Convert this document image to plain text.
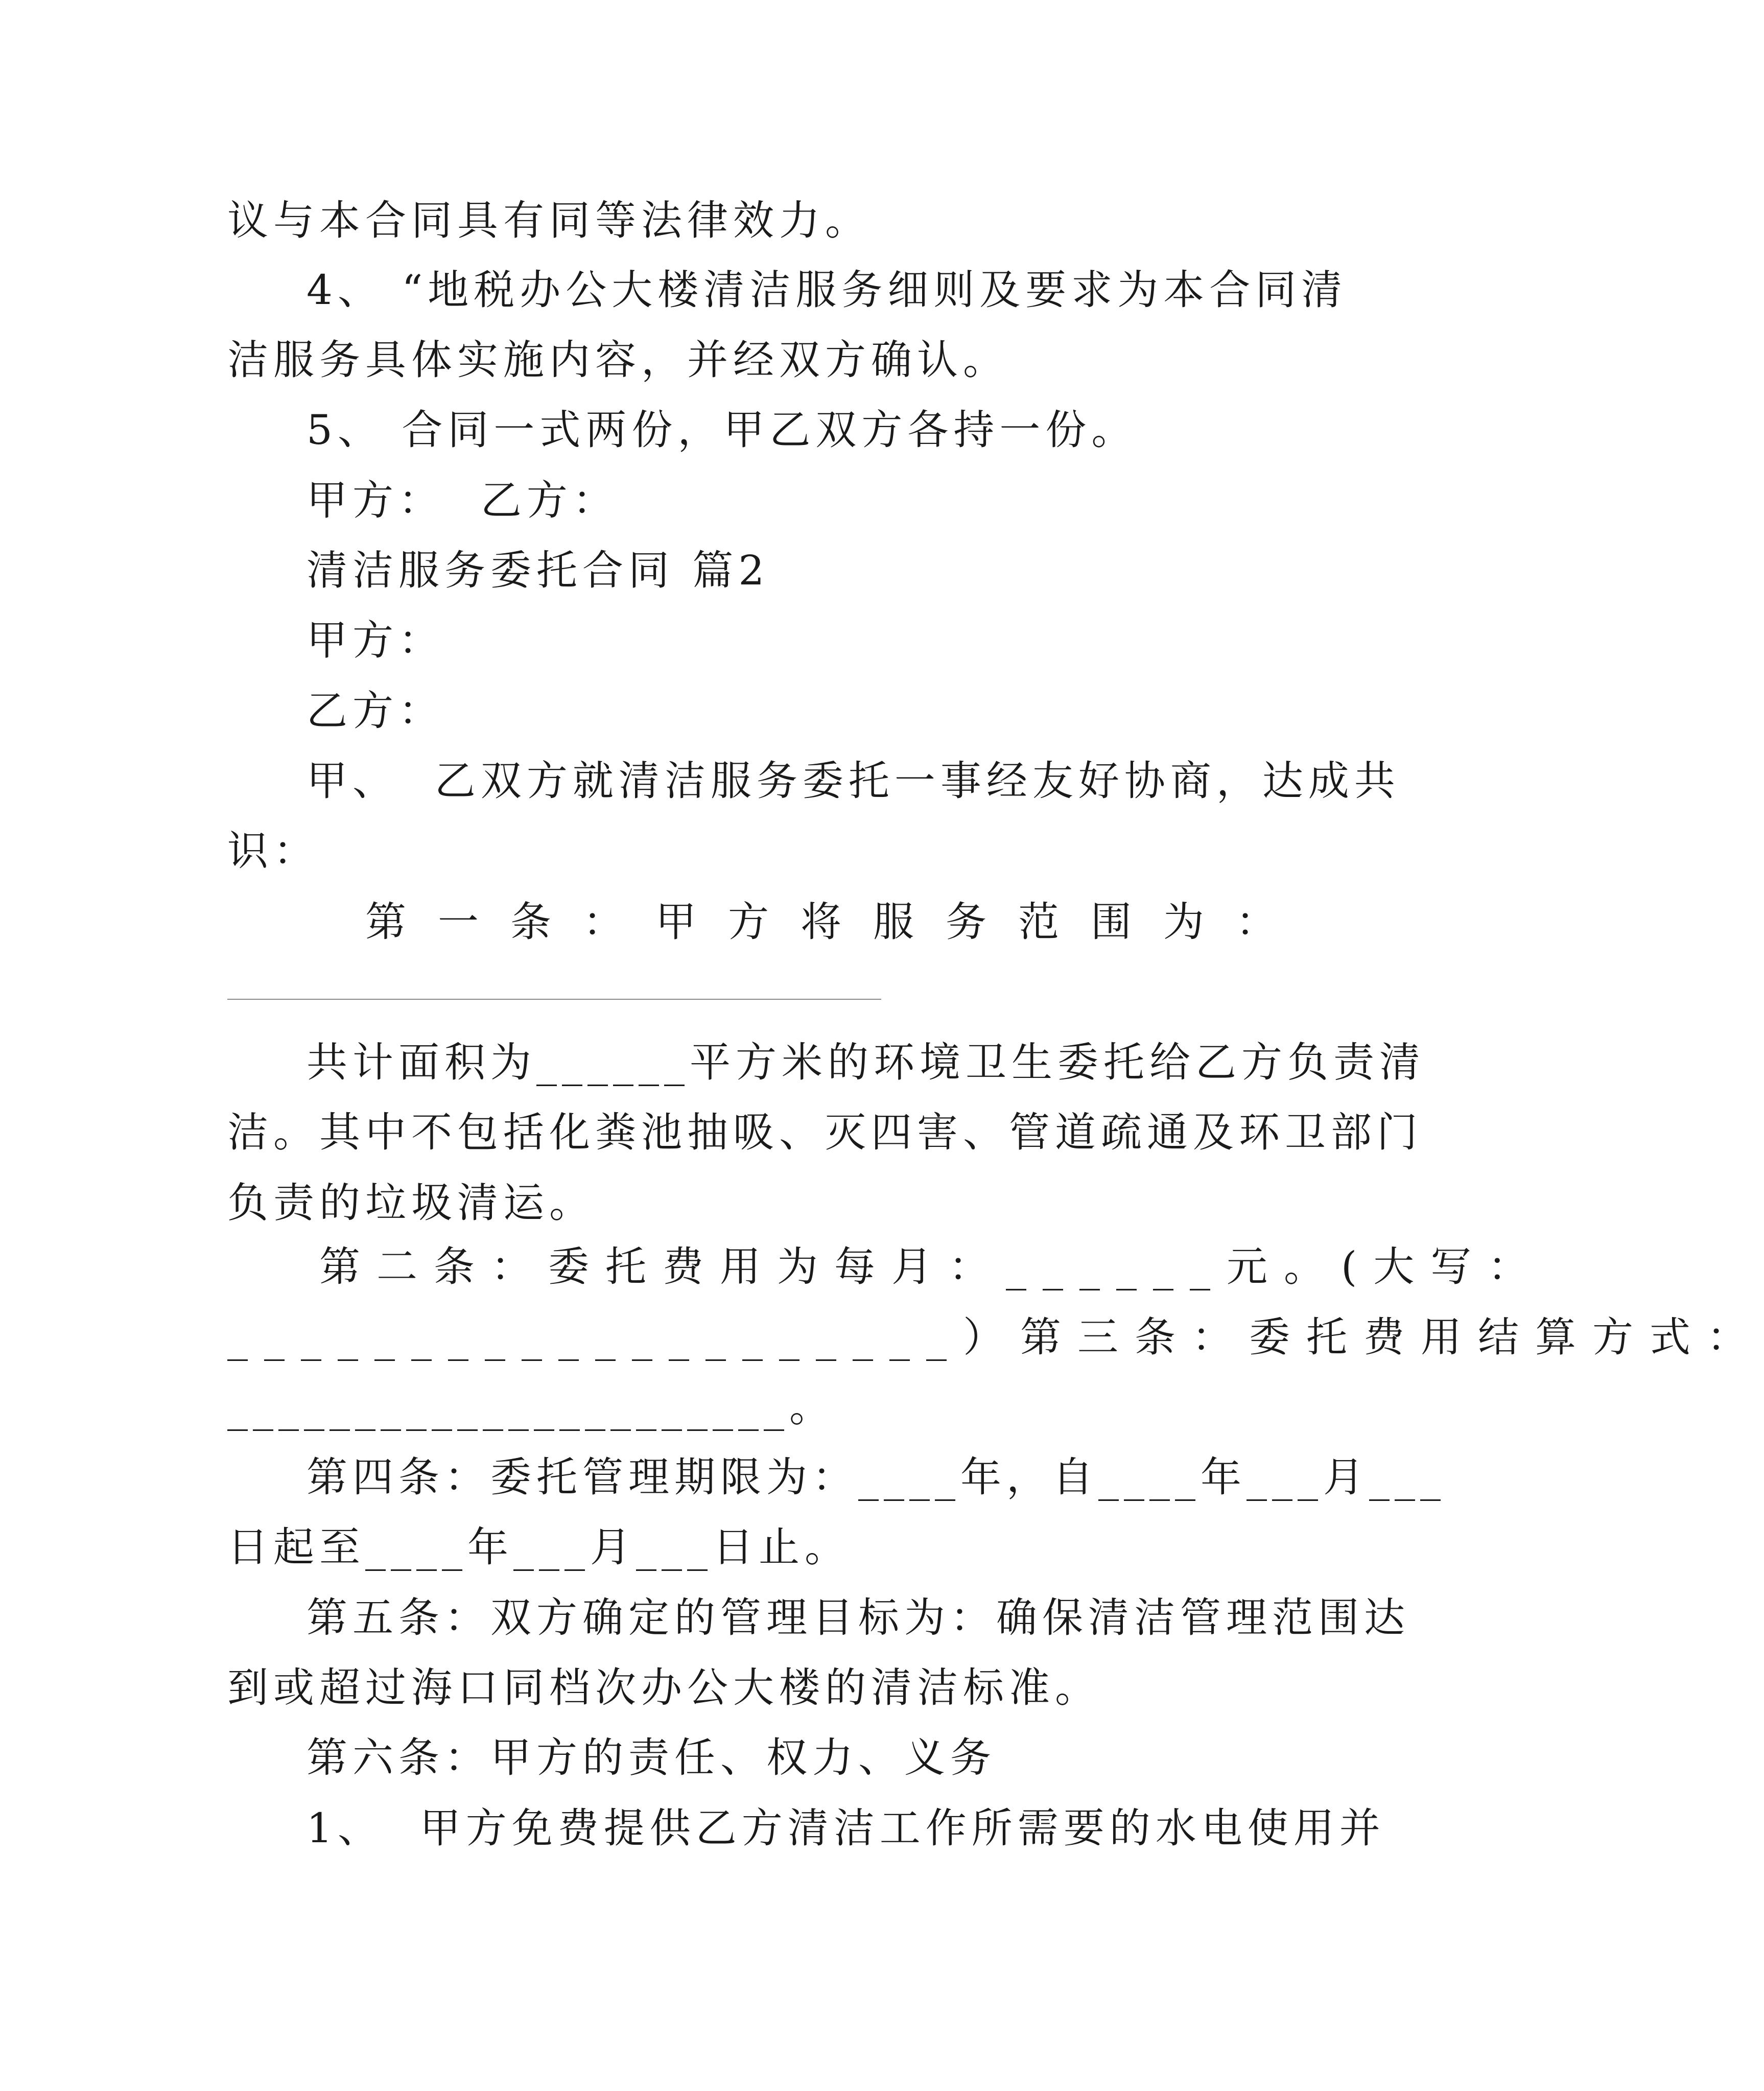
议与本合同具有同等法律效力。
4、 “地税办公大楼清洁服务细则及要求为本合同清
洁服务具体实施内容，并经双方确认。
5、 合同一式两份，甲乙双方各持一份。
甲方：  乙方：
清洁服务委托合同 篇2
甲方：
乙方：
甲、  乙双方就清洁服务委托一事经友好协商，达成共
识：
第一条：甲方将服务范围为：
共计面积为______平方米的环境卫生委托给乙方负责清
洁。其中不包括化粪池抽吸、灭四害、管道疏通及环卫部门
负责的垃圾清运。
第二条：委托费用为每月：______元。(大写：
____________________）第三条：委托费用结算方式：
______________________。
第四条：委托管理期限为：____年，自____年___月___
日起至____年___月___日止。
第五条：双方确定的管理目标为：确保清洁管理范围达
到或超过海口同档次办公大楼的清洁标准。
第六条：甲方的责任、权力、义务
1、  甲方免费提供乙方清洁工作所需要的水电使用并
